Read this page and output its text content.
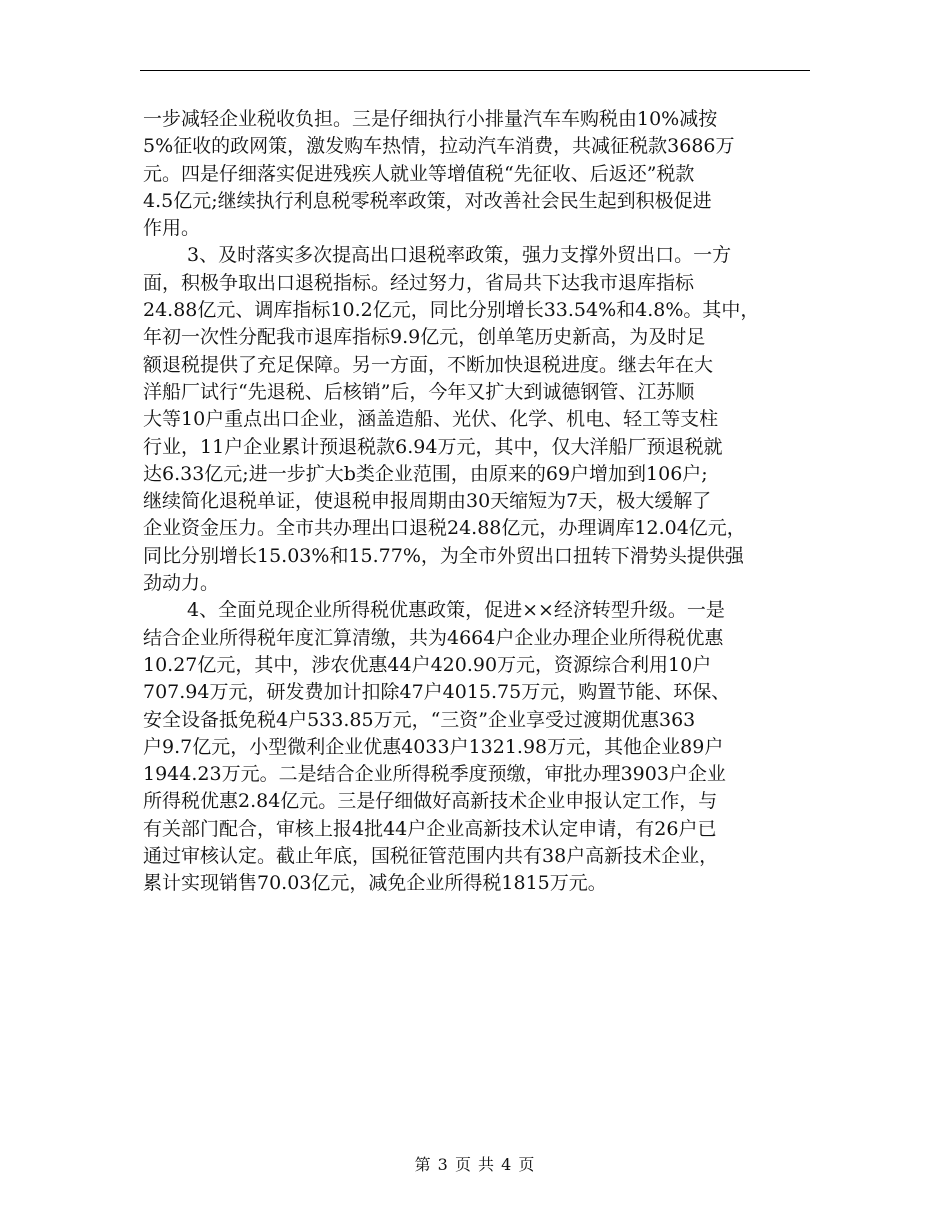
一步减轻企业税收负担。三是仔细执行小排量汽车车购税由10%减按
5%征收的政网策，激发购车热情，拉动汽车消费，共减征税款3686万
元。四是仔细落实促进残疾人就业等增值税“先征收、后返还”税款
4.5亿元;继续执行利息税零税率政策，对改善社会民生起到积极促进
作用。
3、及时落实多次提高出口退税率政策，强力支撑外贸出口。一方
面，积极争取出口退税指标。经过努力，省局共下达我市退库指标
24.88亿元、调库指标10.2亿元，同比分别增长33.54%和4.8%。其中，
年初一次性分配我市退库指标9.9亿元，创单笔历史新高，为及时足
额退税提供了充足保障。另一方面，不断加快退税进度。继去年在大
洋船厂试行“先退税、后核销”后，今年又扩大到诚德钢管、江苏顺
大等10户重点出口企业，涵盖造船、光伏、化学、机电、轻工等支柱
行业，11户企业累计预退税款6.94万元，其中，仅大洋船厂预退税就
达6.33亿元;进一步扩大b类企业范围，由原来的69户增加到106户;
继续简化退税单证，使退税申报周期由30天缩短为7天，极大缓解了
企业资金压力。全市共办理出口退税24.88亿元，办理调库12.04亿元，
同比分别增长15.03%和15.77%，为全市外贸出口扭转下滑势头提供强
劲动力。
4、全面兑现企业所得税优惠政策，促进××经济转型升级。一是
结合企业所得税年度汇算清缴，共为4664户企业办理企业所得税优惠
10.27亿元，其中，涉农优惠44户420.90万元，资源综合利用10户
707.94万元，研发费加计扣除47户4015.75万元，购置节能、环保、
安全设备抵免税4户533.85万元，“三资”企业享受过渡期优惠363
户9.7亿元，小型微利企业优惠4033户1321.98万元，其他企业89户
1944.23万元。二是结合企业所得税季度预缴，审批办理3903户企业
所得税优惠2.84亿元。三是仔细做好高新技术企业申报认定工作，与
有关部门配合，审核上报4批44户企业高新技术认定申请，有26户已
通过审核认定。截止年底，国税征管范围内共有38户高新技术企业，
累计实现销售70.03亿元，减免企业所得税1815万元。
第 3 页 共 4 页
